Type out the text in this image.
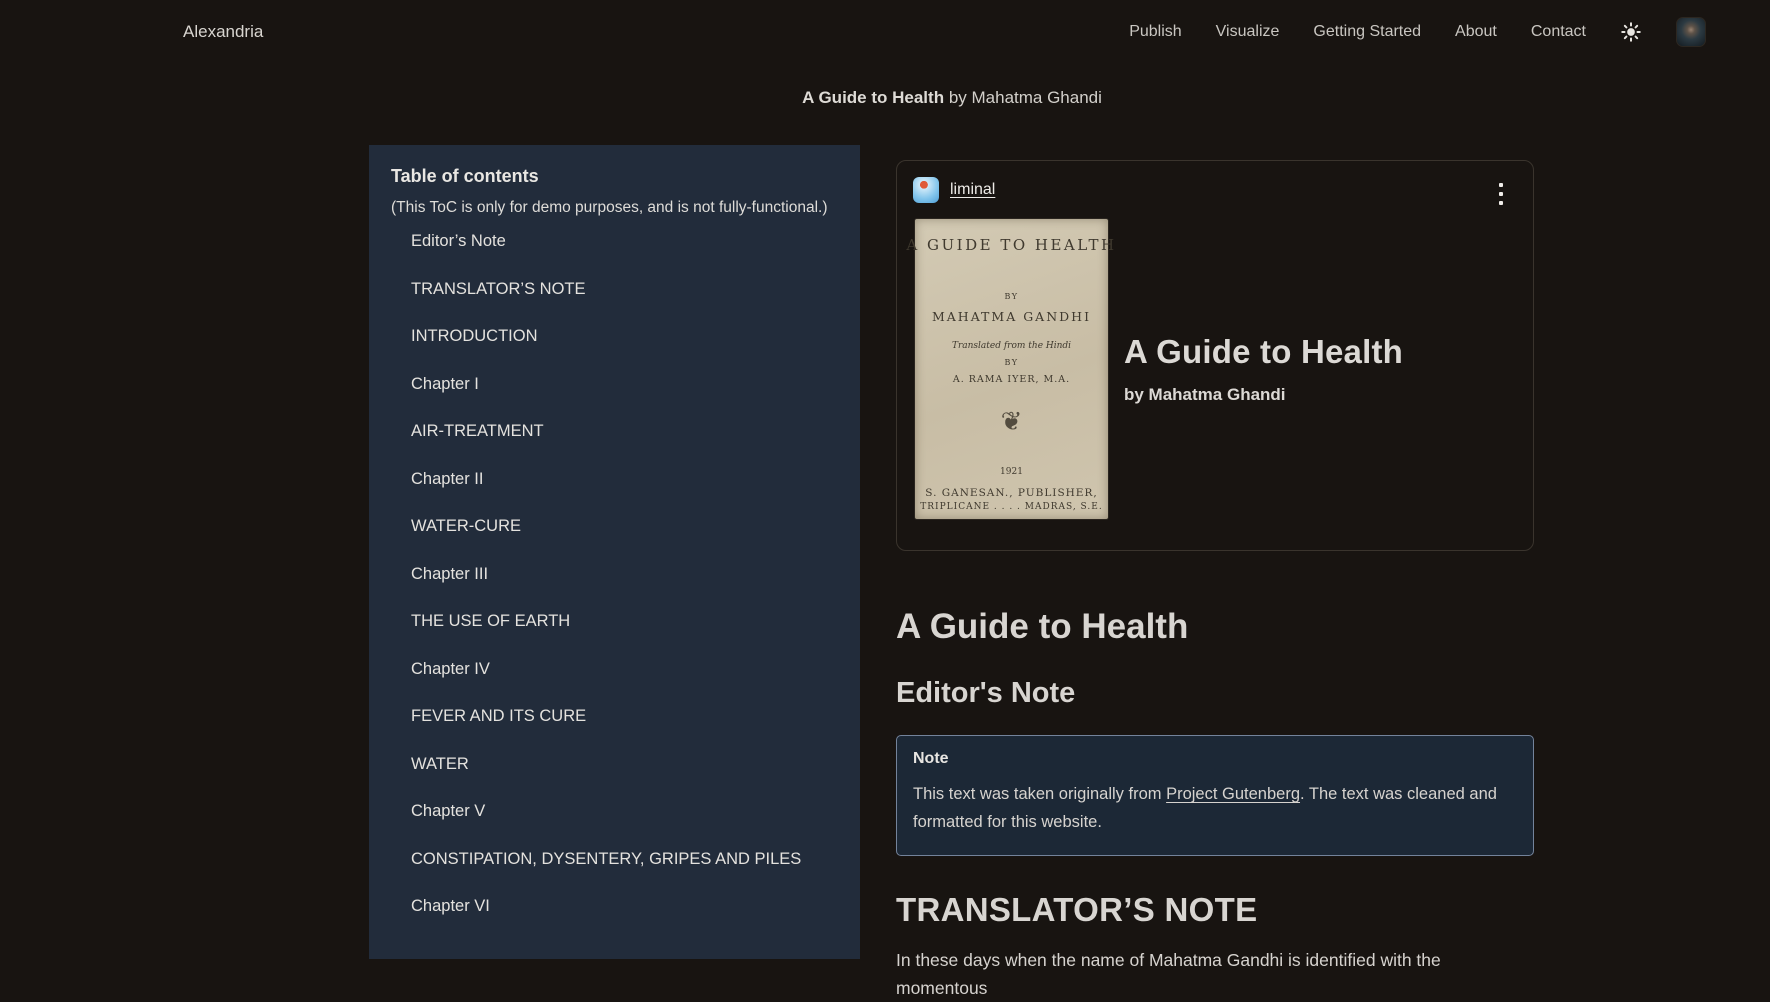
Alexandria	Publish Visualize Getting Started About Contact
A Guide to Health by Mahatma Ghandi
Table of contents
(This ToC is only for demo purposes, and is not fully-functional.)
Editor’s Note
TRANSLATOR’S NOTE
INTRODUCTION
Chapter I
AIR-TREATMENT
Chapter II
WATER-CURE
Chapter III
THE USE OF EARTH
Chapter IV
FEVER AND ITS CURE
WATER
Chapter V
CONSTIPATION, DYSENTERY, GRIPES AND PILES
Chapter VI
liminal
A GUIDE TO HEALTH
BY
MAHATMA GANDHI
Translated from the Hindi
BY
A. RAMA IYER, M.A.
❦
1921
S. GANESAN., PUBLISHER,
TRIPLICANE . . . . MADRAS, S.E.
A Guide to Health
by Mahatma Ghandi
A Guide to Health
Editor's Note
Note
This text was taken originally from Project Gutenberg. The text was cleaned and formatted for this website.
TRANSLATOR’S NOTE
In these days when the name of Mahatma Gandhi is identified with the momentous
